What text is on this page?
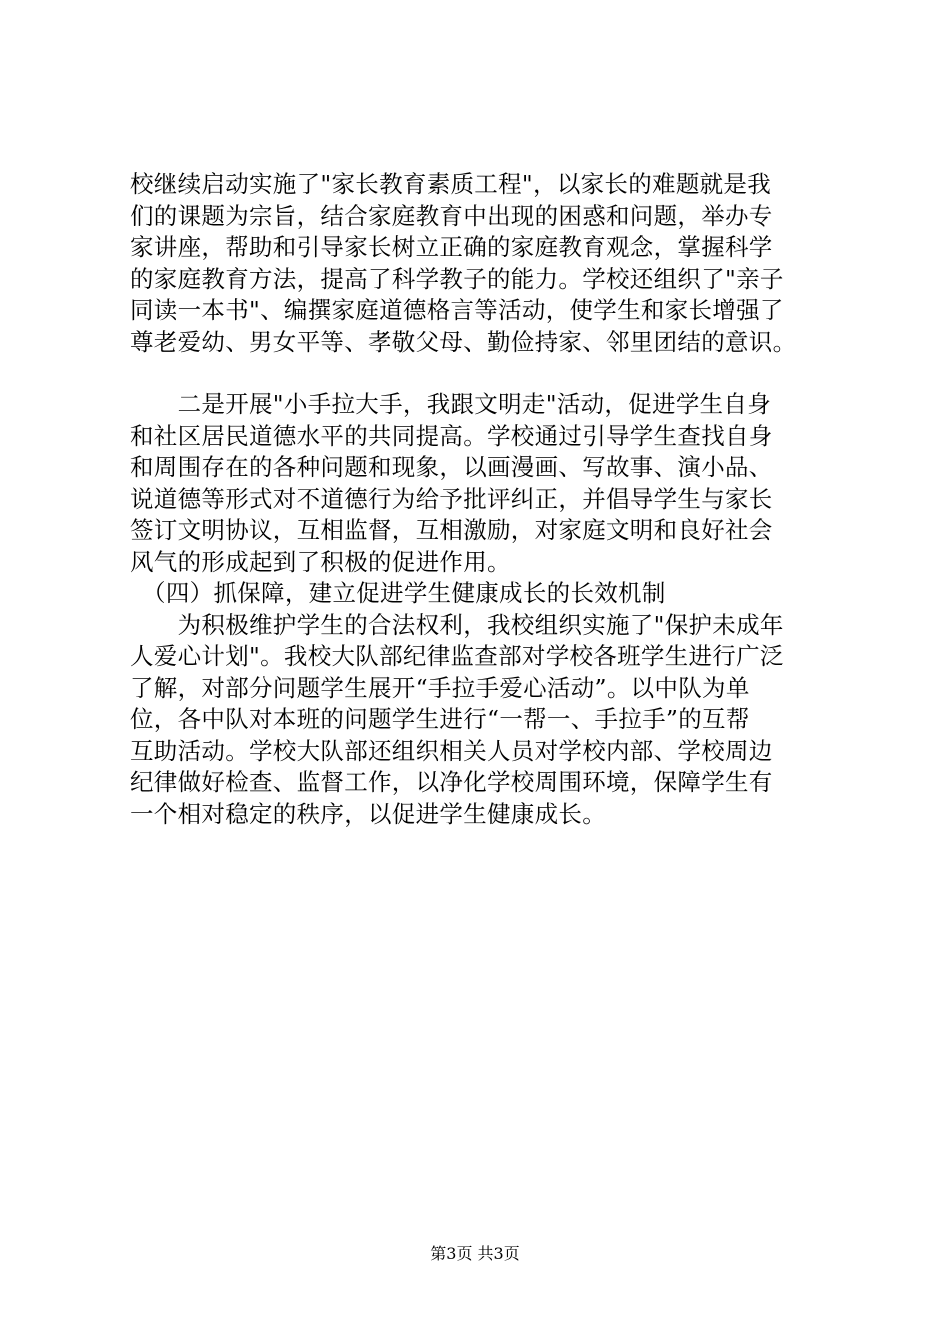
校继续启动实施了"家长教育素质工程"，以家长的难题就是我
们的课题为宗旨，结合家庭教育中出现的困惑和问题，举办专
家讲座，帮助和引导家长树立正确的家庭教育观念，掌握科学
的家庭教育方法，提高了科学教子的能力。学校还组织了"亲子
同读一本书"、编撰家庭道德格言等活动，使学生和家长增强了
尊老爱幼、男女平等、孝敬父母、勤俭持家、邻里团结的意识。
　　二是开展"小手拉大手，我跟文明走"活动，促进学生自身
和社区居民道德水平的共同提高。学校通过引导学生查找自身
和周围存在的各种问题和现象，以画漫画、写故事、演小品、
说道德等形式对不道德行为给予批评纠正，并倡导学生与家长
签订文明协议，互相监督，互相激励，对家庭文明和良好社会
风气的形成起到了积极的促进作用。
　（四）抓保障，建立促进学生健康成长的长效机制
　　为积极维护学生的合法权利，我校组织实施了"保护未成年
人爱心计划"。我校大队部纪律监查部对学校各班学生进行广泛
了解，对部分问题学生展开“手拉手爱心活动”。以中队为单
位，各中队对本班的问题学生进行“一帮一、手拉手”的互帮
互助活动。学校大队部还组织相关人员对学校内部、学校周边
纪律做好检查、监督工作，以净化学校周围环境，保障学生有
一个相对稳定的秩序，以促进学生健康成长。
第3页 共3页
